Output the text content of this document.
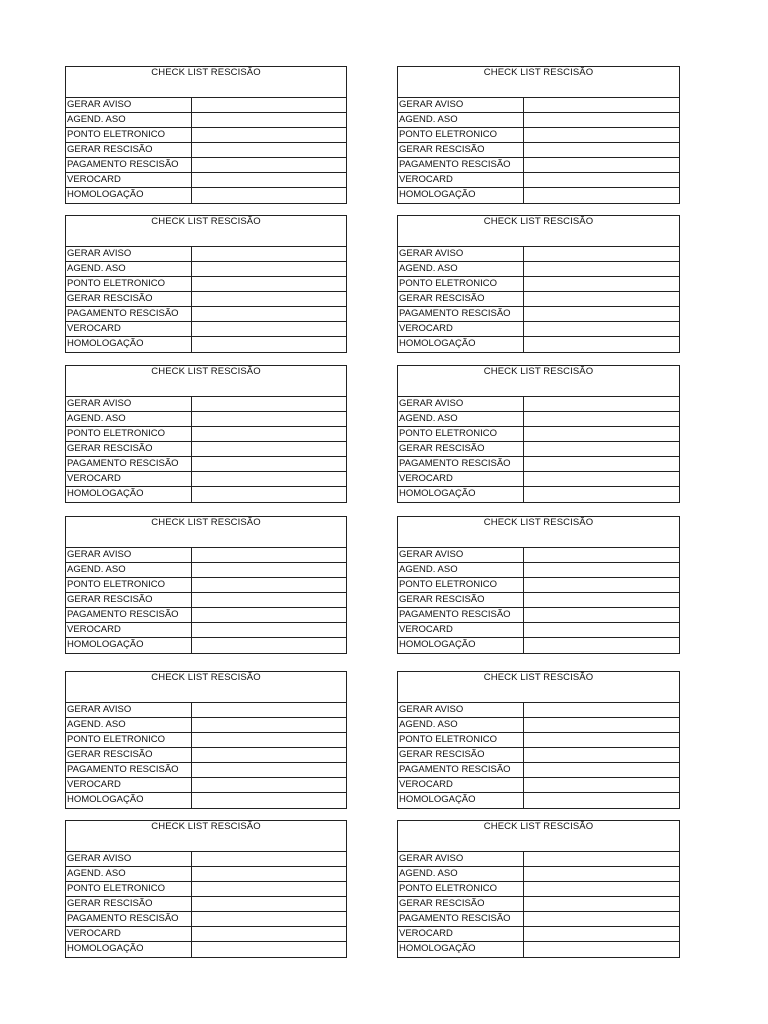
CHECK LIST RESCISÃO
GERAR AVISO
AGEND. ASO
PONTO ELETRONICO
GERAR RESCISÃO
PAGAMENTO RESCISÃO
VEROCARD
HOMOLOGAÇÃO
CHECK LIST RESCISÃO
GERAR AVISO
AGEND. ASO
PONTO ELETRONICO
GERAR RESCISÃO
PAGAMENTO RESCISÃO
VEROCARD
HOMOLOGAÇÃO
CHECK LIST RESCISÃO
GERAR AVISO
AGEND. ASO
PONTO ELETRONICO
GERAR RESCISÃO
PAGAMENTO RESCISÃO
VEROCARD
HOMOLOGAÇÃO
CHECK LIST RESCISÃO
GERAR AVISO
AGEND. ASO
PONTO ELETRONICO
GERAR RESCISÃO
PAGAMENTO RESCISÃO
VEROCARD
HOMOLOGAÇÃO
CHECK LIST RESCISÃO
GERAR AVISO
AGEND. ASO
PONTO ELETRONICO
GERAR RESCISÃO
PAGAMENTO RESCISÃO
VEROCARD
HOMOLOGAÇÃO
CHECK LIST RESCISÃO
GERAR AVISO
AGEND. ASO
PONTO ELETRONICO
GERAR RESCISÃO
PAGAMENTO RESCISÃO
VEROCARD
HOMOLOGAÇÃO
CHECK LIST RESCISÃO
GERAR AVISO
AGEND. ASO
PONTO ELETRONICO
GERAR RESCISÃO
PAGAMENTO RESCISÃO
VEROCARD
HOMOLOGAÇÃO
CHECK LIST RESCISÃO
GERAR AVISO
AGEND. ASO
PONTO ELETRONICO
GERAR RESCISÃO
PAGAMENTO RESCISÃO
VEROCARD
HOMOLOGAÇÃO
CHECK LIST RESCISÃO
GERAR AVISO
AGEND. ASO
PONTO ELETRONICO
GERAR RESCISÃO
PAGAMENTO RESCISÃO
VEROCARD
HOMOLOGAÇÃO
CHECK LIST RESCISÃO
GERAR AVISO
AGEND. ASO
PONTO ELETRONICO
GERAR RESCISÃO
PAGAMENTO RESCISÃO
VEROCARD
HOMOLOGAÇÃO
CHECK LIST RESCISÃO
GERAR AVISO
AGEND. ASO
PONTO ELETRONICO
GERAR RESCISÃO
PAGAMENTO RESCISÃO
VEROCARD
HOMOLOGAÇÃO
CHECK LIST RESCISÃO
GERAR AVISO
AGEND. ASO
PONTO ELETRONICO
GERAR RESCISÃO
PAGAMENTO RESCISÃO
VEROCARD
HOMOLOGAÇÃO
